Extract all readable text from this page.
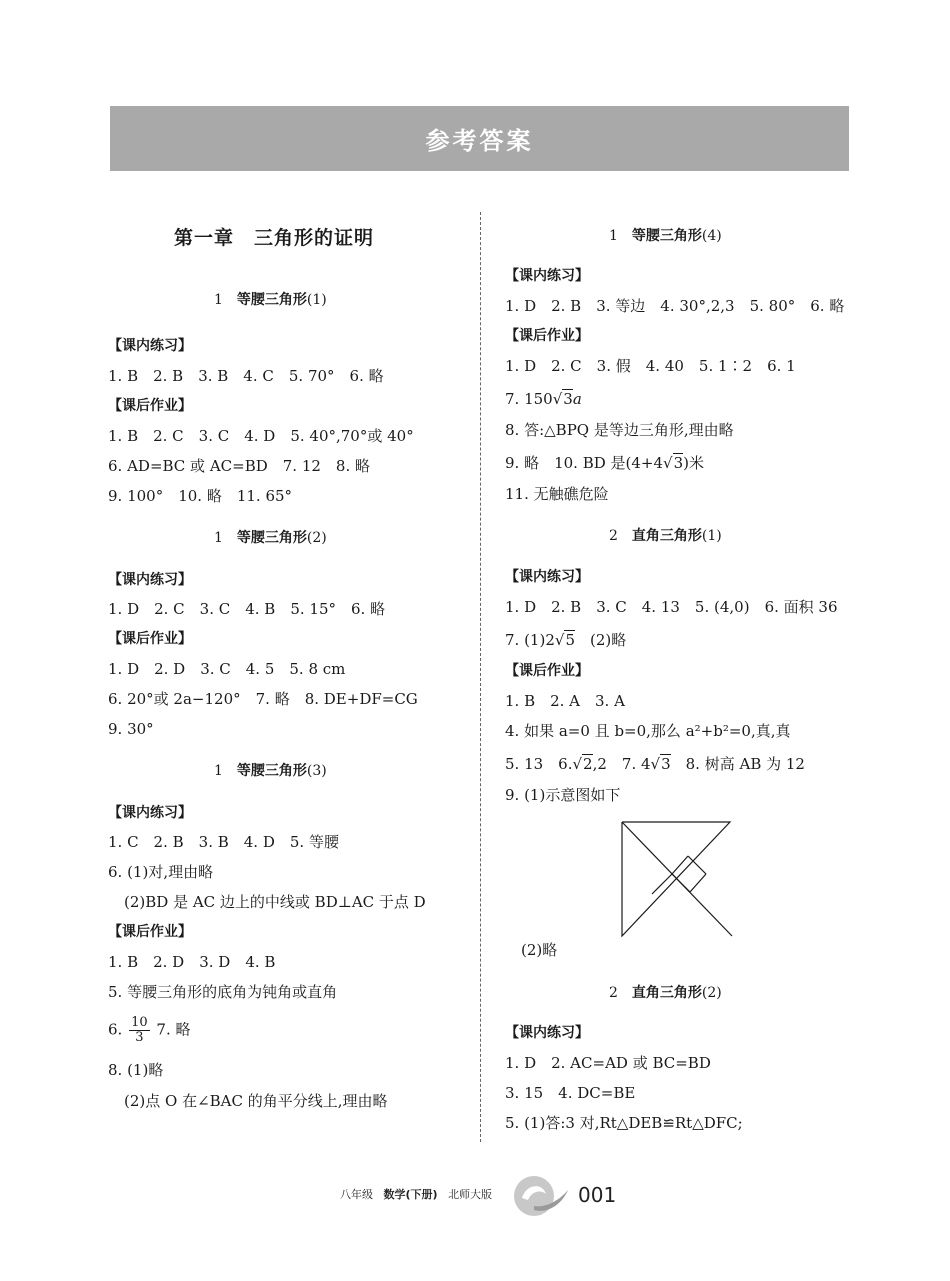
参考答案
第一章　三角形的证明
1 等腰三角形(1)
【课内练习】
1. B　2. B　3. B　4. C　5. 70°　6. 略
【课后作业】
1. B　2. C　3. C　4. D　5. 40°,70°或 40°
6. AD=BC 或 AC=BD　7. 12　8. 略
9. 100°　10. 略　11. 65°
1 等腰三角形(2)
【课内练习】
1. D　2. C　3. C　4. B　5. 15°　6. 略
【课后作业】
1. D　2. D　3. C　4. 5　5. 8 cm
6. 20°或 2a−120°　7. 略　8. DE+DF=CG
9. 30°
1 等腰三角形(3)
【课内练习】
1. C　2. B　3. B　4. D　5. 等腰
6. (1)对,理由略
(2)BD 是 AC 边上的中线或 BD⊥AC 于点 D
【课后作业】
1. B　2. D　3. D　4. B
5. 等腰三角形的底角为钝角或直角
6. $\frac{10}{3} 7$. 略
8. (1)略
(2)点 O 在∠BAC 的角平分线上,理由略
1 等腰三角形(4)
【课内练习】
1. D　2. B　3. 等边　4. 30°,2,3　5. 80°　6. 略
【课后作业】
1. D　2. C　3. 假　4. 40　5. 1∶2　6. 1
7. 150√3a
8. 答:△BPQ 是等边三角形,理由略
9. 略　10. BD 是(4+4√3)米
11. 无触礁危险
2 直角三角形(1)
【课内练习】
1. D　2. B　3. C　4. 13　5. (4,0)　6. 面积 36
7. (1)2√5　(2)略
【课后作业】
1. B　2. A　3. A
4. 如果 a=0 且 b=0,那么 a²+b²=0,真,真
5. 13　6.√2,2　7. 4√3　8. 树高 AB 为 12
9. (1)示意图如下
(2)略
2 直角三角形(2)
【课内练习】
1. D　2. AC=AD 或 BC=BD
3. 15　4. DC=BE
5. (1)答:3 对,Rt△DEB≌Rt△DFC;
八年级 数学(下册) 北师大版	001
